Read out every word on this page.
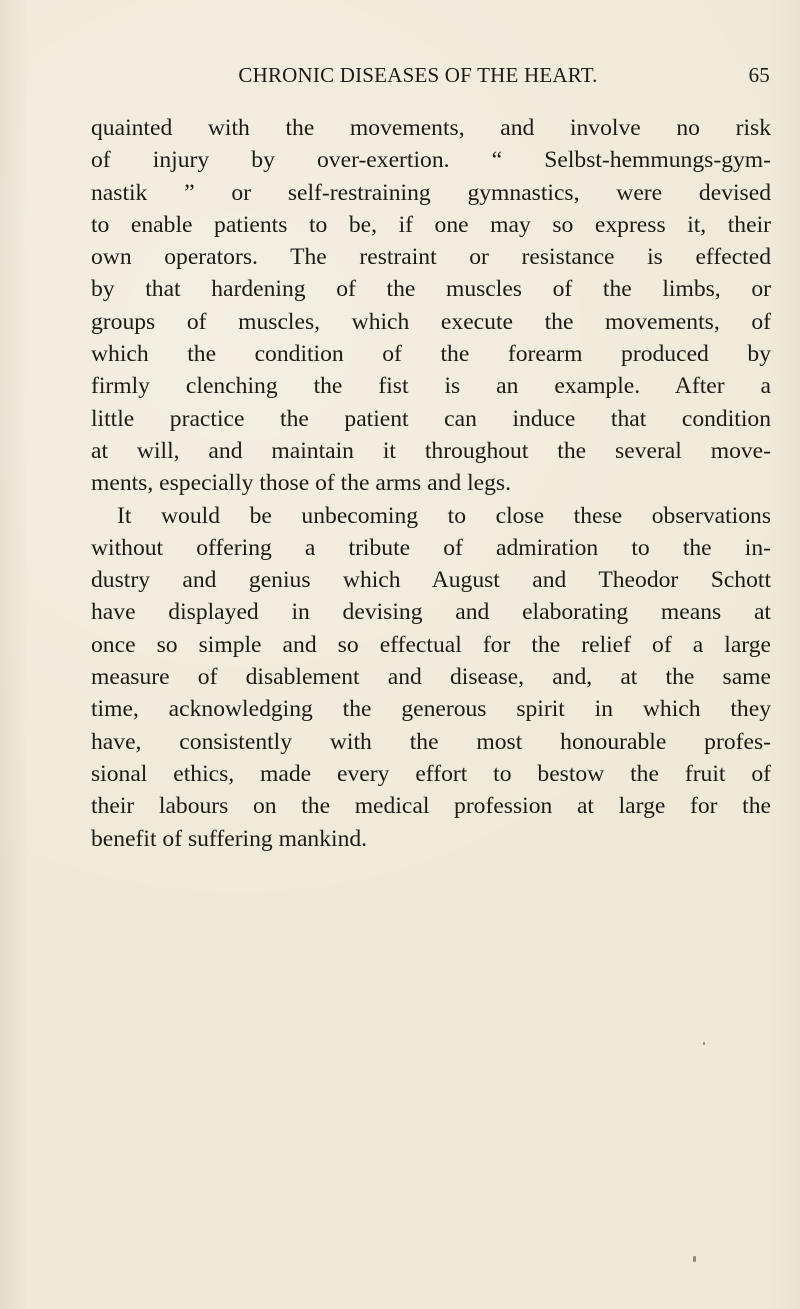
CHRONIC DISEASES OF THE HEART.	65
quainted with the movements, and involve no risk
of injury by over-exertion. “ Selbst-hemmungs-gym-
nastik ” or self-restraining gymnastics, were devised
to enable patients to be, if one may so express it, their
own operators. The restraint or resistance is effected
by that hardening of the muscles of the limbs, or
groups of muscles, which execute the movements, of
which the condition of the forearm produced by
firmly clenching the fist is an example. After a
little practice the patient can induce that condition
at will, and maintain it throughout the several move-
ments, especially those of the arms and legs.
It would be unbecoming to close these observations
without offering a tribute of admiration to the in-
dustry and genius which August and Theodor Schott
have displayed in devising and elaborating means at
once so simple and so effectual for the relief of a large
measure of disablement and disease, and, at the same
time, acknowledging the generous spirit in which they
have, consistently with the most honourable profes-
sional ethics, made every effort to bestow the fruit of
their labours on the medical profession at large for the
benefit of suffering mankind.
